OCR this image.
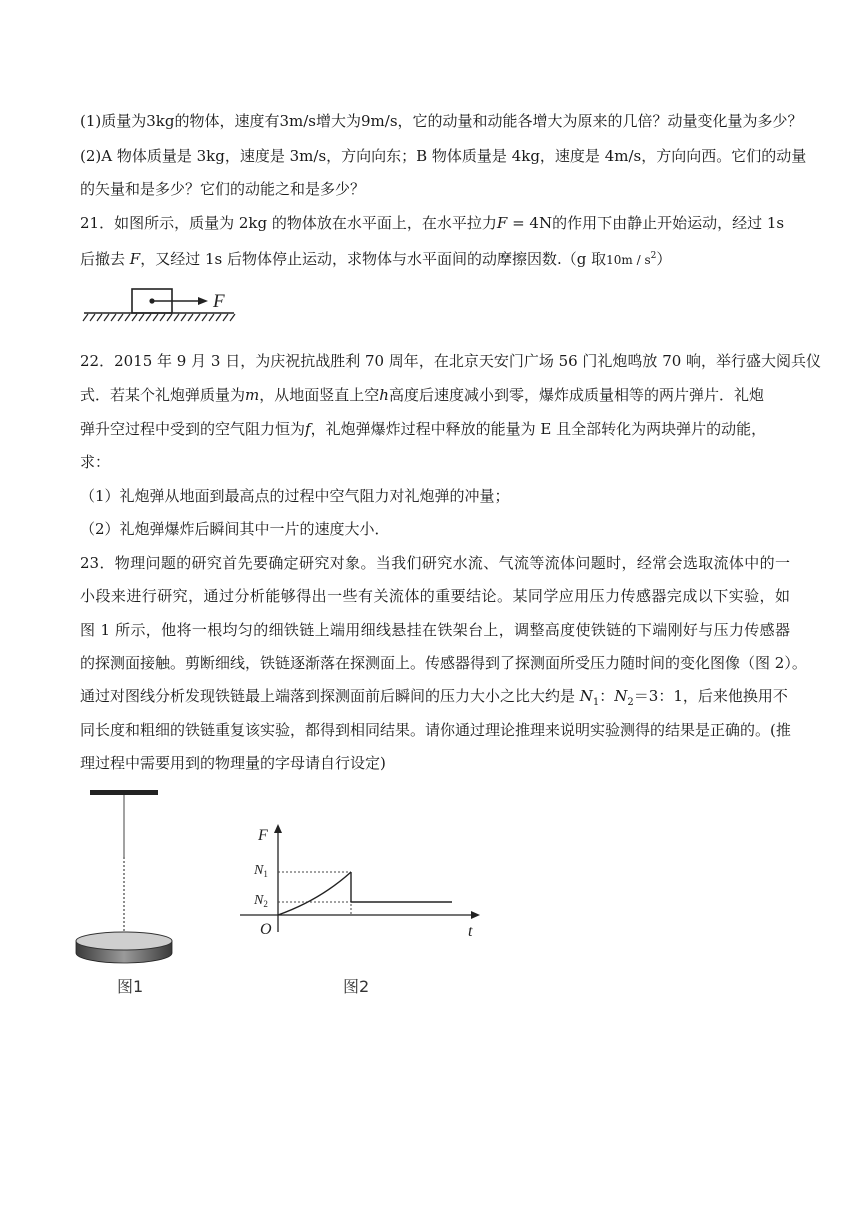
(1)质量为3kg的物体，速度有3m/s增大为9m/s，它的动量和动能各增大为原来的几倍？动量变化量为多少？
(2)A 物体质量是 3kg，速度是 3m/s，方向向东；B 物体质量是 4kg，速度是 4m/s，方向向西。它们的动量
的矢量和是多少？它们的动能之和是多少？
21．如图所示，质量为 2kg 的物体放在水平面上，在水平拉力F = 4N的作用下由静止开始运动，经过 1s
后撤去 F，又经过 1s 后物体停止运动，求物体与水平面间的动摩擦因数.（g 取$10m / s^2$）
F
22．2015 年 9 月 3 日，为庆祝抗战胜利 70 周年，在北京天安门广场 56 门礼炮鸣放 70 响，举行盛大阅兵仪
式．若某个礼炮弹质量为m，从地面竖直上空h高度后速度减小到零，爆炸成质量相等的两片弹片．礼炮
弹升空过程中受到的空气阻力恒为f，礼炮弹爆炸过程中释放的能量为 E 且全部转化为两块弹片的动能，
求：
（1）礼炮弹从地面到最高点的过程中空气阻力对礼炮弹的冲量；
（2）礼炮弹爆炸后瞬间其中一片的速度大小．
23．物理问题的研究首先要确定研究对象。当我们研究水流、气流等流体问题时，经常会选取流体中的一
小段来进行研究，通过分析能够得出一些有关流体的重要结论。某同学应用压力传感器完成以下实验，如
图 1 所示，他将一根均匀的细铁链上端用细线悬挂在铁架台上，调整高度使铁链的下端刚好与压力传感器
的探测面接触。剪断细线，铁链逐渐落在探测面上。传感器得到了探测面所受压力随时间的变化图像（图 2）。
通过对图线分析发现铁链最上端落到探测面前后瞬间的压力大小之比大约是 $N_1$：$N_2=3$：1，后来他换用不
同长度和粗细的铁链重复该实验，都得到相同结果。请你通过理论推理来说明实验测得的结果是正确的。(推
理过程中需要用到的物理量的字母请自行设定)
图1
F
t
O
$N_1$
$N_2$
图2
